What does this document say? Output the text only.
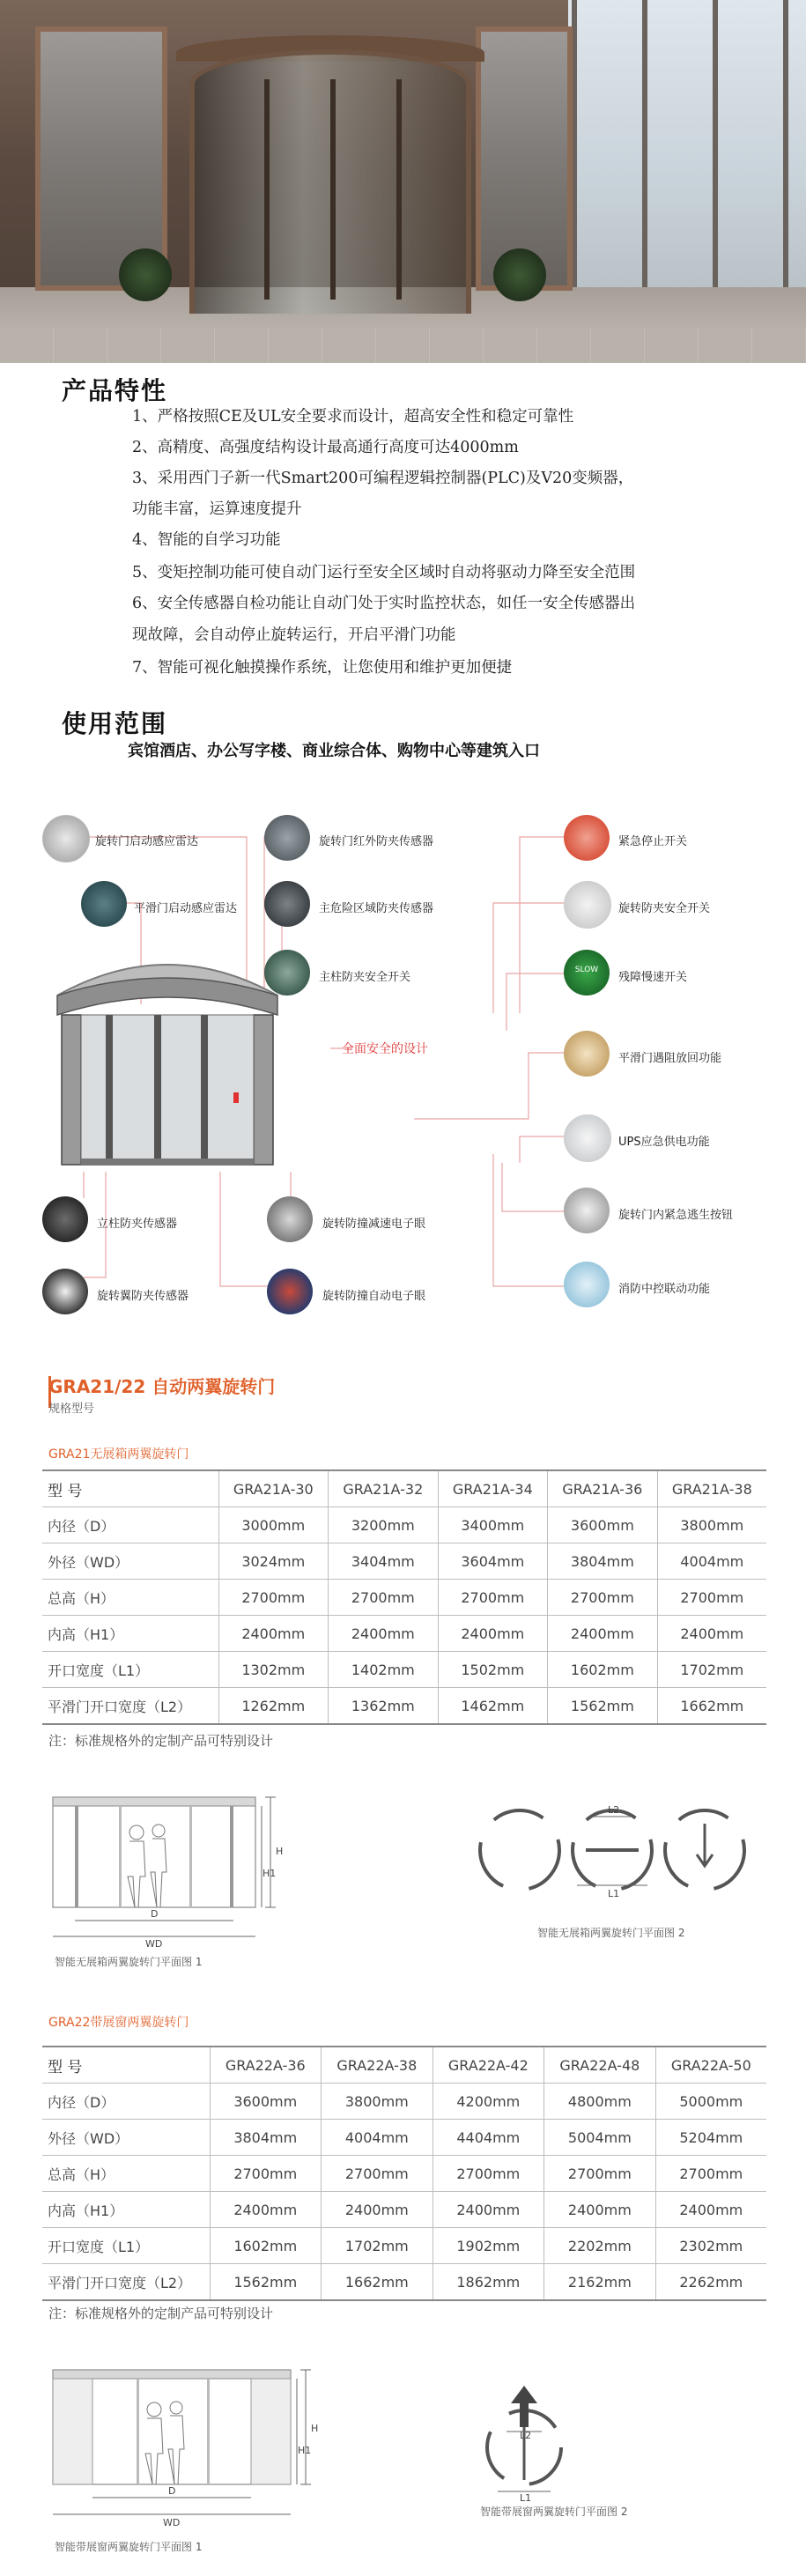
产品特性
1、严格按照CE及UL安全要求而设计，超高安全性和稳定可靠性
2、高精度、高强度结构设计最高通行高度可达4000mm
3、采用西门子新一代Smart200可编程逻辑控制器(PLC)及V20变频器，
功能丰富，运算速度提升
4、智能的自学习功能
5、变矩控制功能可使自动门运行至安全区域时自动将驱动力降至安全范围
6、安全传感器自检功能让自动门处于实时监控状态，如任一安全传感器出
现故障，会自动停止旋转运行，开启平滑门功能
7、智能可视化触摸操作系统，让您使用和维护更加便捷
使用范围
宾馆酒店、办公写字楼、商业综合体、购物中心等建筑入口
全面安全的设计
旋转门启动感应雷达
平滑门启动感应雷达
旋转门红外防夹传感器
主危险区域防夹传感器
主柱防夹安全开关
紧急停止开关
旋转防夹安全开关
SLOW
残障慢速开关
平滑门遇阻放回功能
UPS应急供电功能
旋转门内紧急逃生按钮
消防中控联动功能
立柱防夹传感器
旋转翼防夹传感器
旋转防撞减速电子眼
旋转防撞自动电子眼
GRA21/22 自动两翼旋转门
规格型号
GRA21无展箱两翼旋转门
型 号	GRA21A-30	GRA21A-32	GRA21A-34	GRA21A-36	GRA21A-38
内径（D）	3000mm	3200mm	3400mm	3600mm	3800mm
外径（WD）	3024mm	3404mm	3604mm	3804mm	4004mm
总高（H）	2700mm	2700mm	2700mm	2700mm	2700mm
内高（H1）	2400mm	2400mm	2400mm	2400mm	2400mm
开口宽度（L1）	1302mm	1402mm	1502mm	1602mm	1702mm
平滑门开口宽度（L2）	1262mm	1362mm	1462mm	1562mm	1662mm
注：标准规格外的定制产品可特别设计
H
H1
D
WD
智能无展箱两翼旋转门平面图 1
L2
L1
智能无展箱两翼旋转门平面图 2
GRA22带展窗两翼旋转门
型 号	GRA22A-36	GRA22A-38	GRA22A-42	GRA22A-48	GRA22A-50
内径（D）	3600mm	3800mm	4200mm	4800mm	5000mm
外径（WD）	3804mm	4004mm	4404mm	5004mm	5204mm
总高（H）	2700mm	2700mm	2700mm	2700mm	2700mm
内高（H1）	2400mm	2400mm	2400mm	2400mm	2400mm
开口宽度（L1）	1602mm	1702mm	1902mm	2202mm	2302mm
平滑门开口宽度（L2）	1562mm	1662mm	1862mm	2162mm	2262mm
注：标准规格外的定制产品可特别设计
H
H1
D
WD
智能带展窗两翼旋转门平面图 1
L2
L1
智能带展窗两翼旋转门平面图 2
